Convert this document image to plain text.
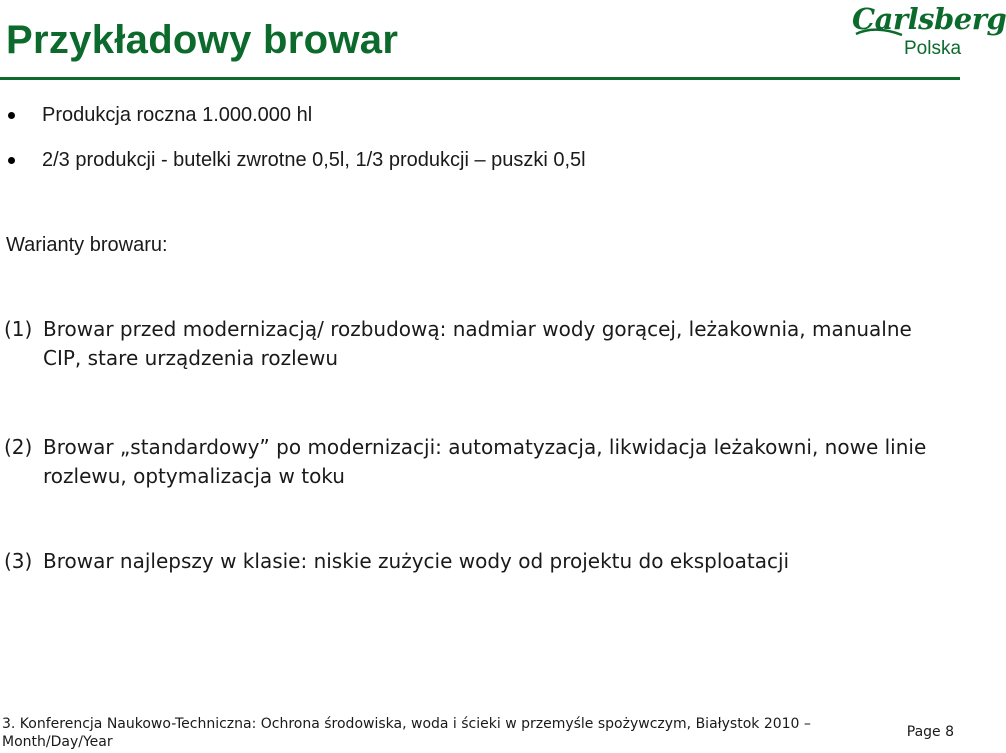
Przykładowy browar	Carlsberg
Polska
Produkcja roczna 1.000.000 hl
2/3 produkcji - butelki zwrotne 0,5l, 1/3 produkcji – puszki 0,5l
Warianty browaru:
(1) Browar przed modernizacją/ rozbudową: nadmiar wody gorącej, leżakownia, manualne CIP, stare urządzenia rozlewu
(2) Browar „standardowy” po modernizacji: automatyzacja, likwidacja leżakowni, nowe linie rozlewu, optymalizacja w toku
(3) Browar najlepszy w klasie: niskie zużycie wody od projektu do eksploatacji
3. Konferencja Naukowo-Techniczna: Ochrona środowiska, woda i ścieki w przemyśle spożywczym, Białystok 2010 –
Month/Day/Year
Page 8
